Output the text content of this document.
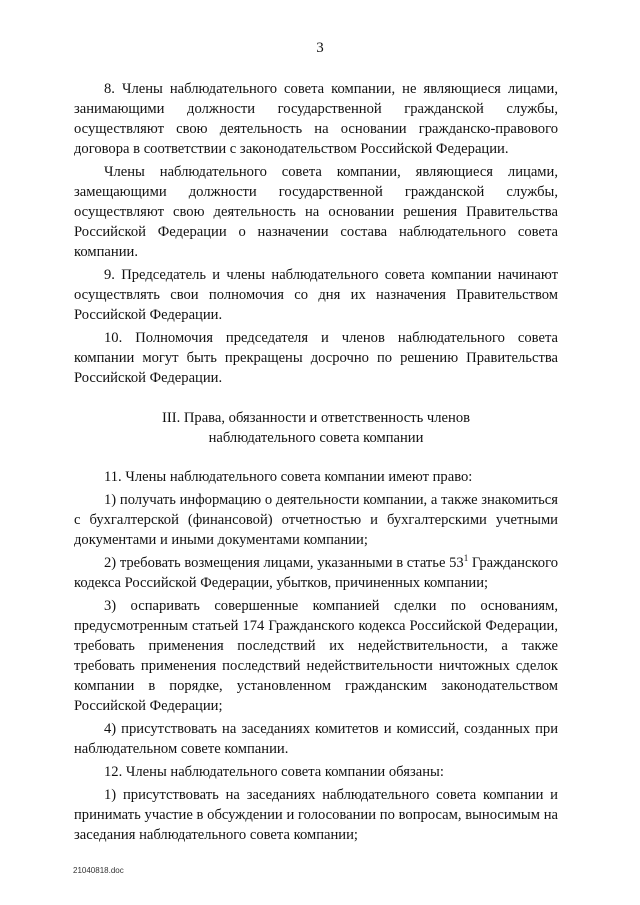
3

8. Члены наблюдательного совета компании, не являющиеся лицами, занимающими должности государственной гражданской службы, осуществляют свою деятельность на основании гражданско-правового договора в соответствии с законодательством Российской Федерации.

Члены наблюдательного совета компании, являющиеся лицами, замещающими должности государственной гражданской службы, осуществляют свою деятельность на основании решения Правительства Российской Федерации о назначении состава наблюдательного совета компании.

9. Председатель и члены наблюдательного совета компании начинают осуществлять свои полномочия со дня их назначения Правительством Российской Федерации.

10. Полномочия председателя и членов наблюдательного совета компании могут быть прекращены досрочно по решению Правительства Российской Федерации.

III. Права, обязанности и ответственность членов
наблюдательного совета компании

11. Члены наблюдательного совета компании имеют право:

1) получать информацию о деятельности компании, а также знакомиться с бухгалтерской (финансовой) отчетностью и бухгалтерскими учетными документами и иными документами компании;

2) требовать возмещения лицами, указанными в статье $53^1$ Гражданского кодекса Российской Федерации, убытков, причиненных компании;

3) оспаривать совершенные компанией сделки по основаниям, предусмотренным статьей 174 Гражданского кодекса Российской Федерации, требовать применения последствий их недействительности, а также требовать применения последствий недействительности ничтожных сделок компании в порядке, установленном гражданским законодательством Российской Федерации;

4) присутствовать на заседаниях комитетов и комиссий, созданных при наблюдательном совете компании.

12. Члены наблюдательного совета компании обязаны:

1) присутствовать на заседаниях наблюдательного совета компании и принимать участие в обсуждении и голосовании по вопросам, выносимым на заседания наблюдательного совета компании;

21040818.doc
